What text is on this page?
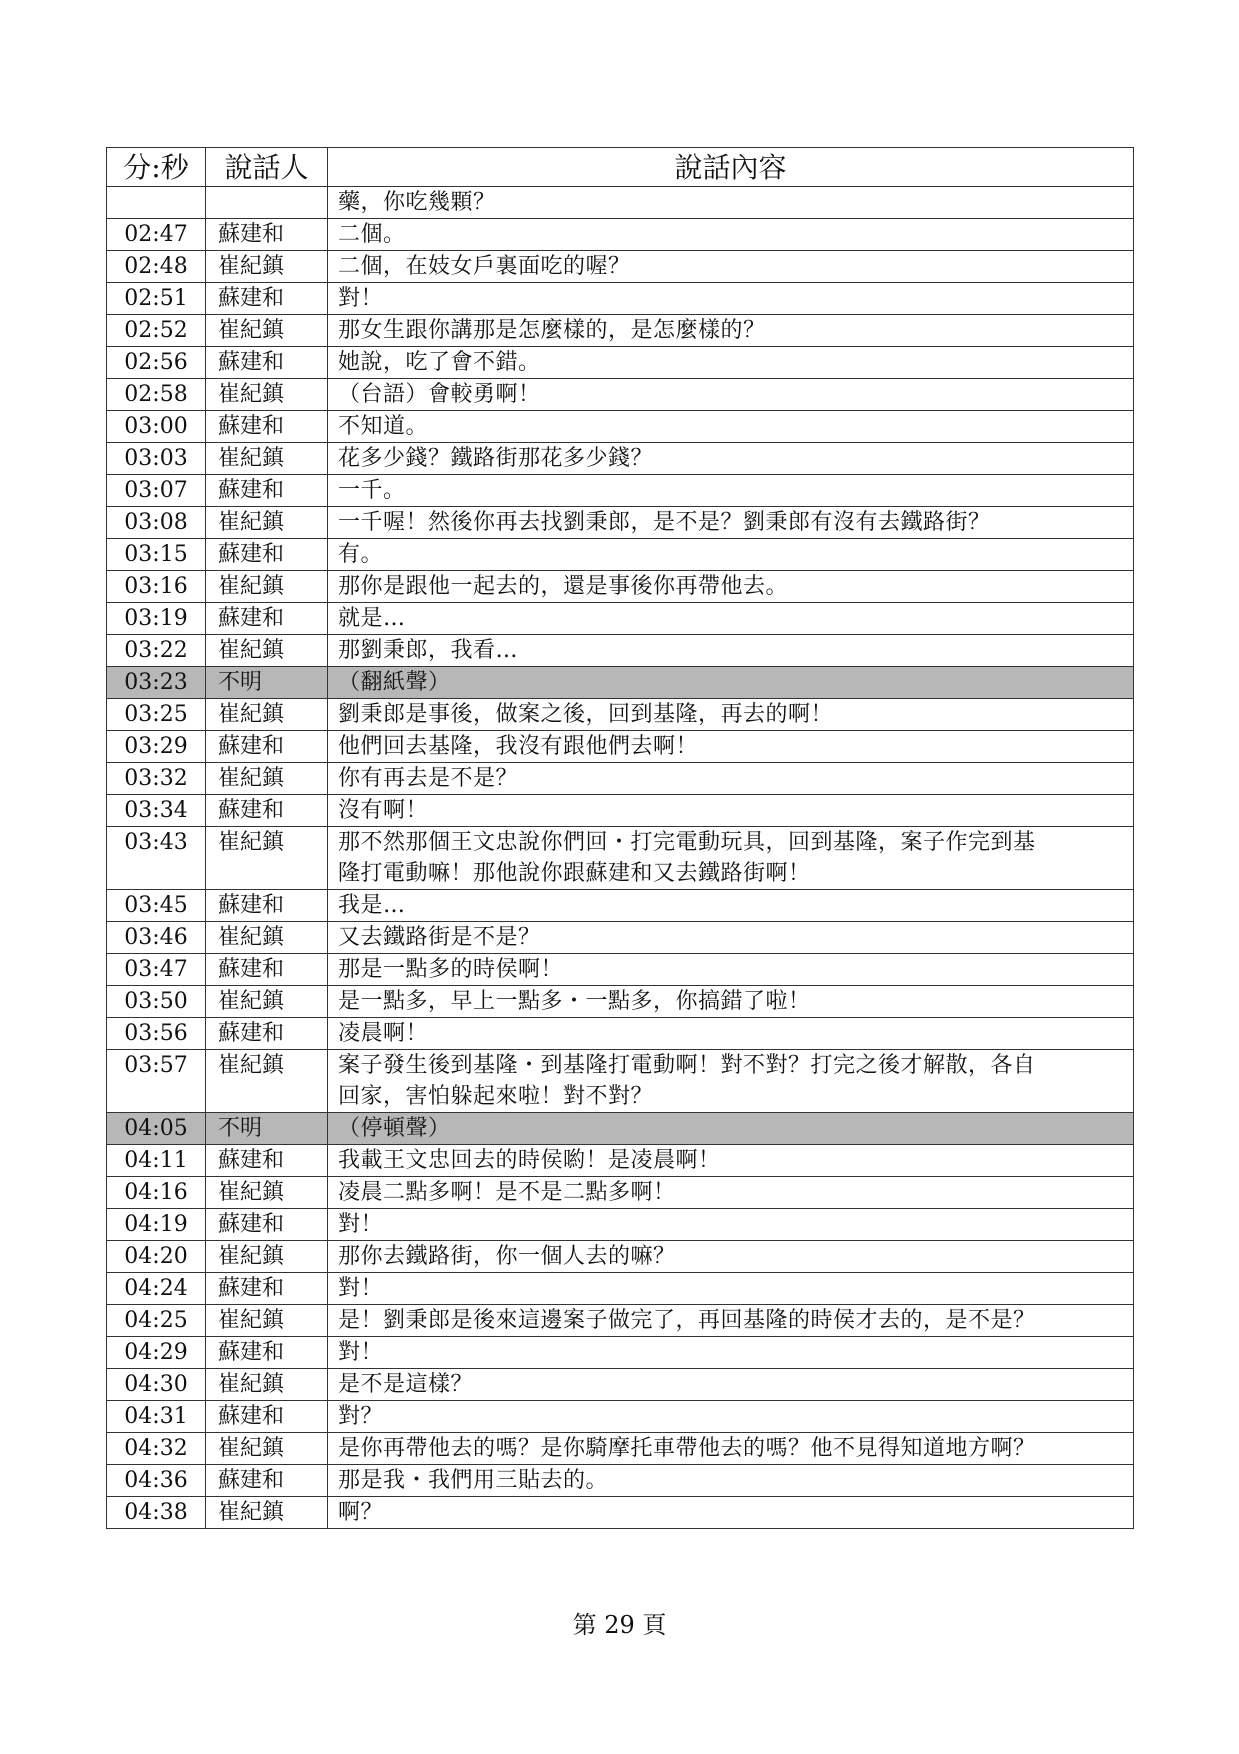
分:秒	說話人	說話內容

		藥，你吃幾顆？

02:47	蘇建和	二個。

02:48	崔紀鎮	二個，在妓女戶裏面吃的喔？

02:51	蘇建和	對！

02:52	崔紀鎮	那女生跟你講那是怎麼樣的，是怎麼樣的？

02:56	蘇建和	她說，吃了會不錯。

02:58	崔紀鎮	（台語）會較勇啊！

03:00	蘇建和	不知道。

03:03	崔紀鎮	花多少錢？鐵路街那花多少錢？

03:07	蘇建和	一千。

03:08	崔紀鎮	一千喔！然後你再去找劉秉郎，是不是？劉秉郎有沒有去鐵路街？

03:15	蘇建和	有。

03:16	崔紀鎮	那你是跟他一起去的，還是事後你再帶他去。

03:19	蘇建和	就是…

03:22	崔紀鎮	那劉秉郎，我看…

03:23	不明	（翻紙聲）

03:25	崔紀鎮	劉秉郎是事後，做案之後，回到基隆，再去的啊！

03:29	蘇建和	他們回去基隆，我沒有跟他們去啊！

03:32	崔紀鎮	你有再去是不是？

03:34	蘇建和	沒有啊！

03:43	崔紀鎮	那不然那個王文忠說你們回・打完電動玩具，回到基隆，案子作完到基
隆打電動嘛！那他說你跟蘇建和又去鐵路街啊！

03:45	蘇建和	我是…

03:46	崔紀鎮	又去鐵路街是不是？

03:47	蘇建和	那是一點多的時侯啊！

03:50	崔紀鎮	是一點多，早上一點多・一點多，你搞錯了啦！

03:56	蘇建和	凌晨啊！

03:57	崔紀鎮	案子發生後到基隆・到基隆打電動啊！對不對？打完之後才解散，各自
回家，害怕躲起來啦！對不對？

04:05	不明	（停頓聲）

04:11	蘇建和	我載王文忠回去的時侯喲！是凌晨啊！

04:16	崔紀鎮	凌晨二點多啊！是不是二點多啊！

04:19	蘇建和	對！

04:20	崔紀鎮	那你去鐵路街，你一個人去的嘛？

04:24	蘇建和	對！

04:25	崔紀鎮	是！劉秉郎是後來這邊案子做完了，再回基隆的時侯才去的，是不是？

04:29	蘇建和	對！

04:30	崔紀鎮	是不是這樣？

04:31	蘇建和	對？

04:32	崔紀鎮	是你再帶他去的嗎？是你騎摩托車帶他去的嗎？他不見得知道地方啊？

04:36	蘇建和	那是我・我們用三貼去的。

04:38	崔紀鎮	啊？
第 29 頁
